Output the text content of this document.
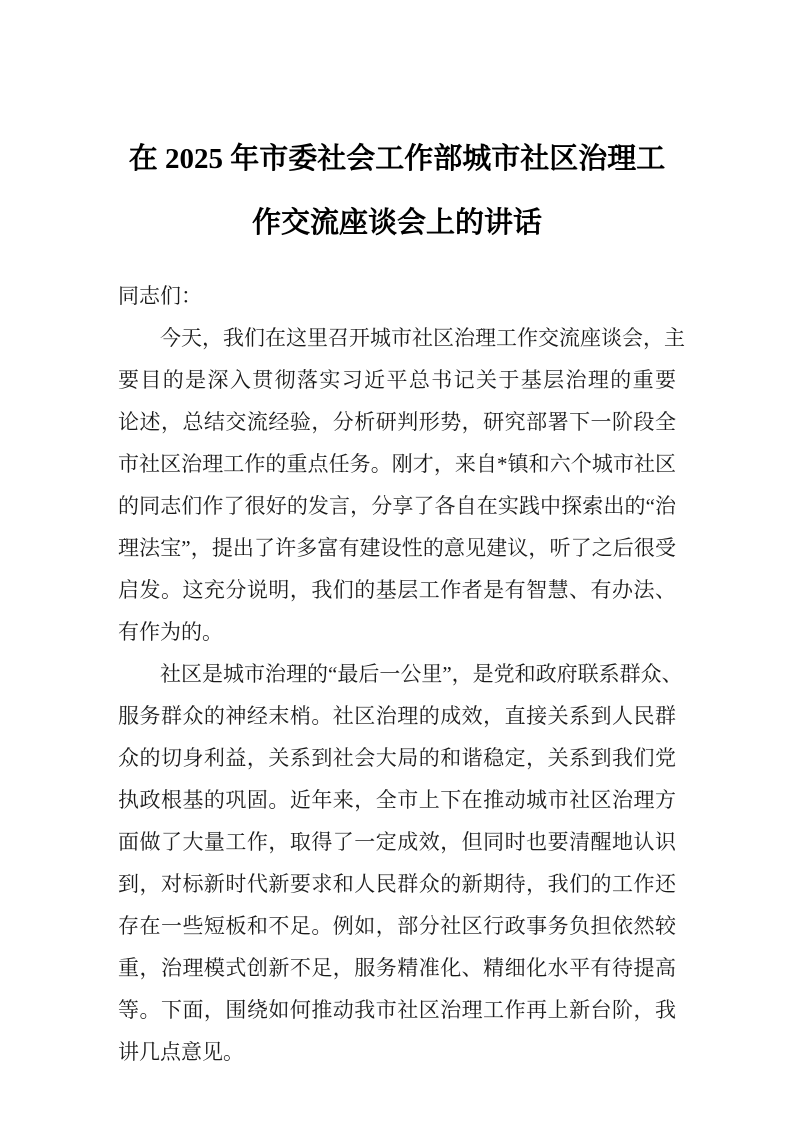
在 2025 年市委社会工作部城市社区治理工
作交流座谈会上的讲话
同志们：
今天，我们在这里召开城市社区治理工作交流座谈会，主
要目的是深入贯彻落实习近平总书记关于基层治理的重要
论述，总结交流经验，分析研判形势，研究部署下一阶段全
市社区治理工作的重点任务。刚才，来自*镇和六个城市社区
的同志们作了很好的发言，分享了各自在实践中探索出的“治
理法宝”，提出了许多富有建设性的意见建议，听了之后很受
启发。这充分说明，我们的基层工作者是有智慧、有办法、
有作为的。
社区是城市治理的“最后一公里”，是党和政府联系群众、
服务群众的神经末梢。社区治理的成效，直接关系到人民群
众的切身利益，关系到社会大局的和谐稳定，关系到我们党
执政根基的巩固。近年来，全市上下在推动城市社区治理方
面做了大量工作，取得了一定成效，但同时也要清醒地认识
到，对标新时代新要求和人民群众的新期待，我们的工作还
存在一些短板和不足。例如，部分社区行政事务负担依然较
重，治理模式创新不足，服务精准化、精细化水平有待提高
等。下面，围绕如何推动我市社区治理工作再上新台阶，我
讲几点意见。
